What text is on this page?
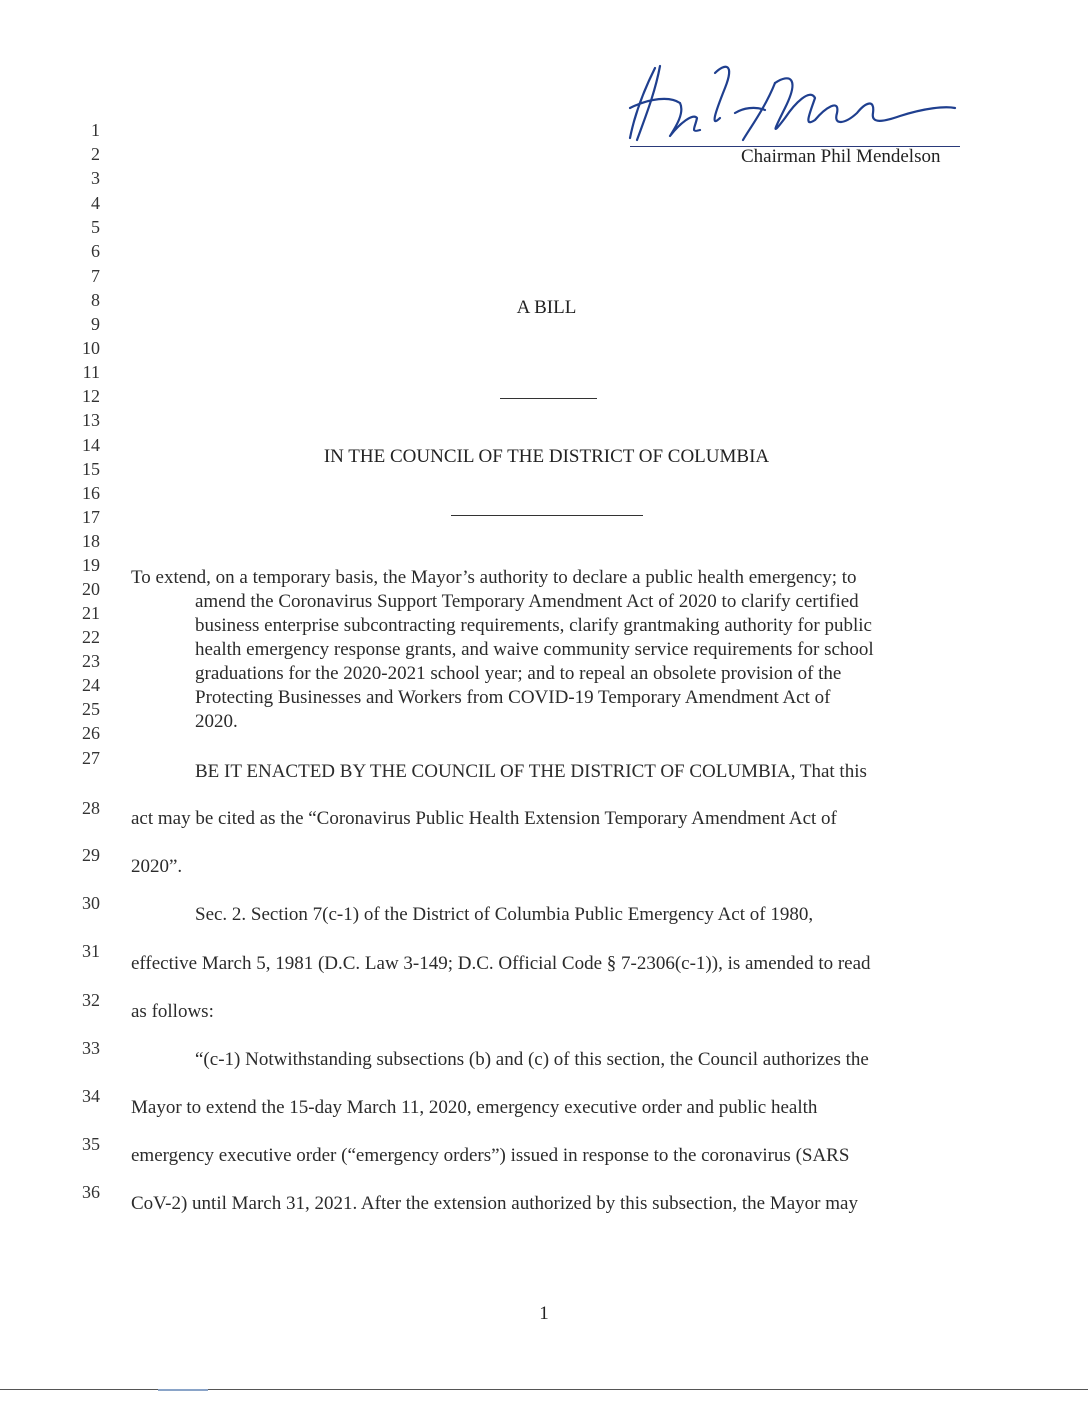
Chairman Phil Mendelson
1
2
3
4
5
6
7
8
9
10
11
12
13
14
15
16
17
18
19
20
21
22
23
24
25
26
27
28
29
30
31
32
33
34
35
36
A BILL
IN THE COUNCIL OF THE DISTRICT OF COLUMBIA
To extend, on a temporary basis, the Mayor’s authority to declare a public health emergency; to
amend the Coronavirus Support Temporary Amendment Act of 2020 to clarify certified
business enterprise subcontracting requirements, clarify grantmaking authority for public
health emergency response grants, and waive community service requirements for school
graduations for the 2020-2021 school year; and to repeal an obsolete provision of the
Protecting Businesses and Workers from COVID-19 Temporary Amendment Act of
2020.
BE IT ENACTED BY THE COUNCIL OF THE DISTRICT OF COLUMBIA, That this
act may be cited as the “Coronavirus Public Health Extension Temporary Amendment Act of
2020”.
Sec. 2. Section 7(c-1) of the District of Columbia Public Emergency Act of 1980,
effective March 5, 1981 (D.C. Law 3-149; D.C. Official Code § 7-2306(c-1)), is amended to read
as follows:
“(c-1) Notwithstanding subsections (b) and (c) of this section, the Council authorizes the
Mayor to extend the 15-day March 11, 2020, emergency executive order and public health
emergency executive order (“emergency orders”) issued in response to the coronavirus (SARS
CoV-2) until March 31, 2021. After the extension authorized by this subsection, the Mayor may
1
